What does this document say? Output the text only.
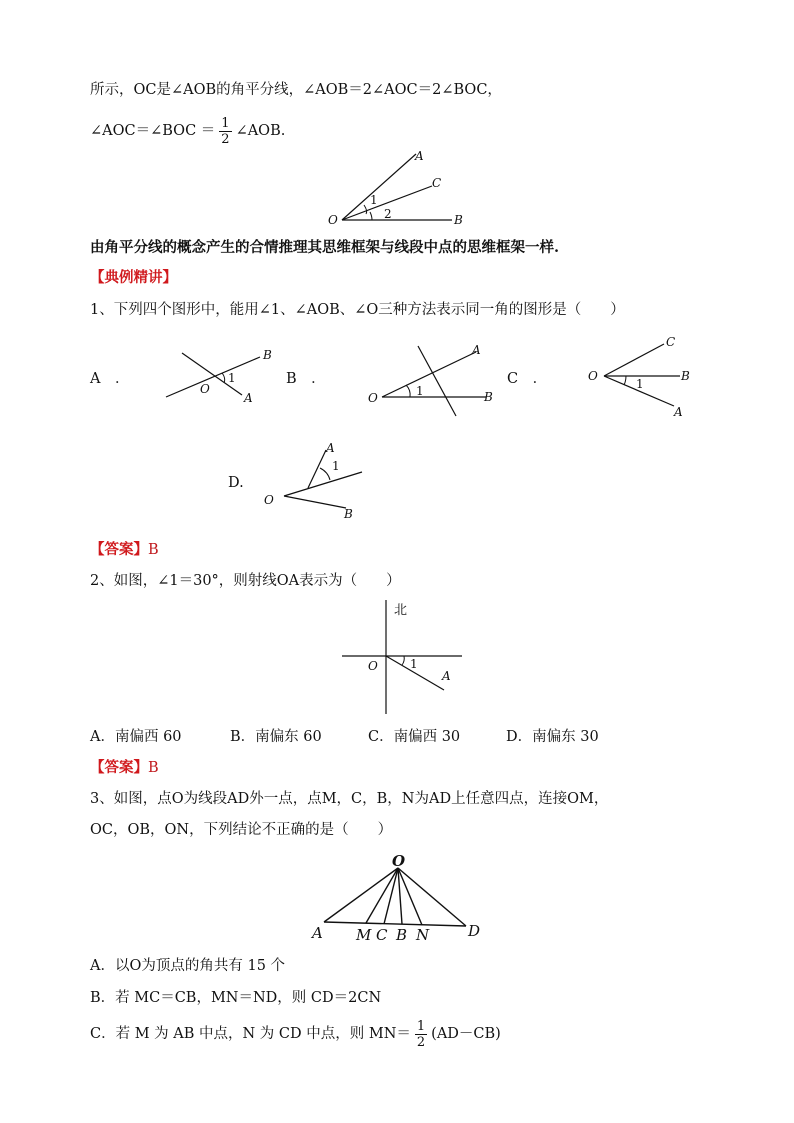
所示，OC是∠AOB的角平分线，∠AOB＝2∠AOC＝2∠BOC，
∠AOC＝∠BOC ＝ $\frac{1}{2}$ ∠AOB.
A
C
O	B
1
2
由角平分线的概念产生的合情推理其思维框架与线段中点的思维框架一样.
【典例精讲】
1、下列四个图形中，能用∠1、∠AOB、∠O三种方法表示同一角的图形是（　　）
A　．	B　．	C　．
D.
B
O
1
A
A
O	1	B
C
O	B
1
A
A
1
O
B
【答案】B
2、如图，∠1＝30°，则射线OA表示为（　　）
北
O	1
A
A．南偏西 60	B．南偏东 60	C．南偏西 30	D．南偏东 30
【答案】B
3、如图，点O为线段AD外一点，点M，C，B，N为AD上任意四点，连接OM，
OC，OB，ON，下列结论不正确的是（　　）
O
A M C B N	D
A．以O为顶点的角共有 15 个
B．若 MC＝CB，MN＝ND，则 CD＝2CN
C．若 M 为 AB 中点，N 为 CD 中点，则 $MN= \frac{1}{2} (AD-CB)$
